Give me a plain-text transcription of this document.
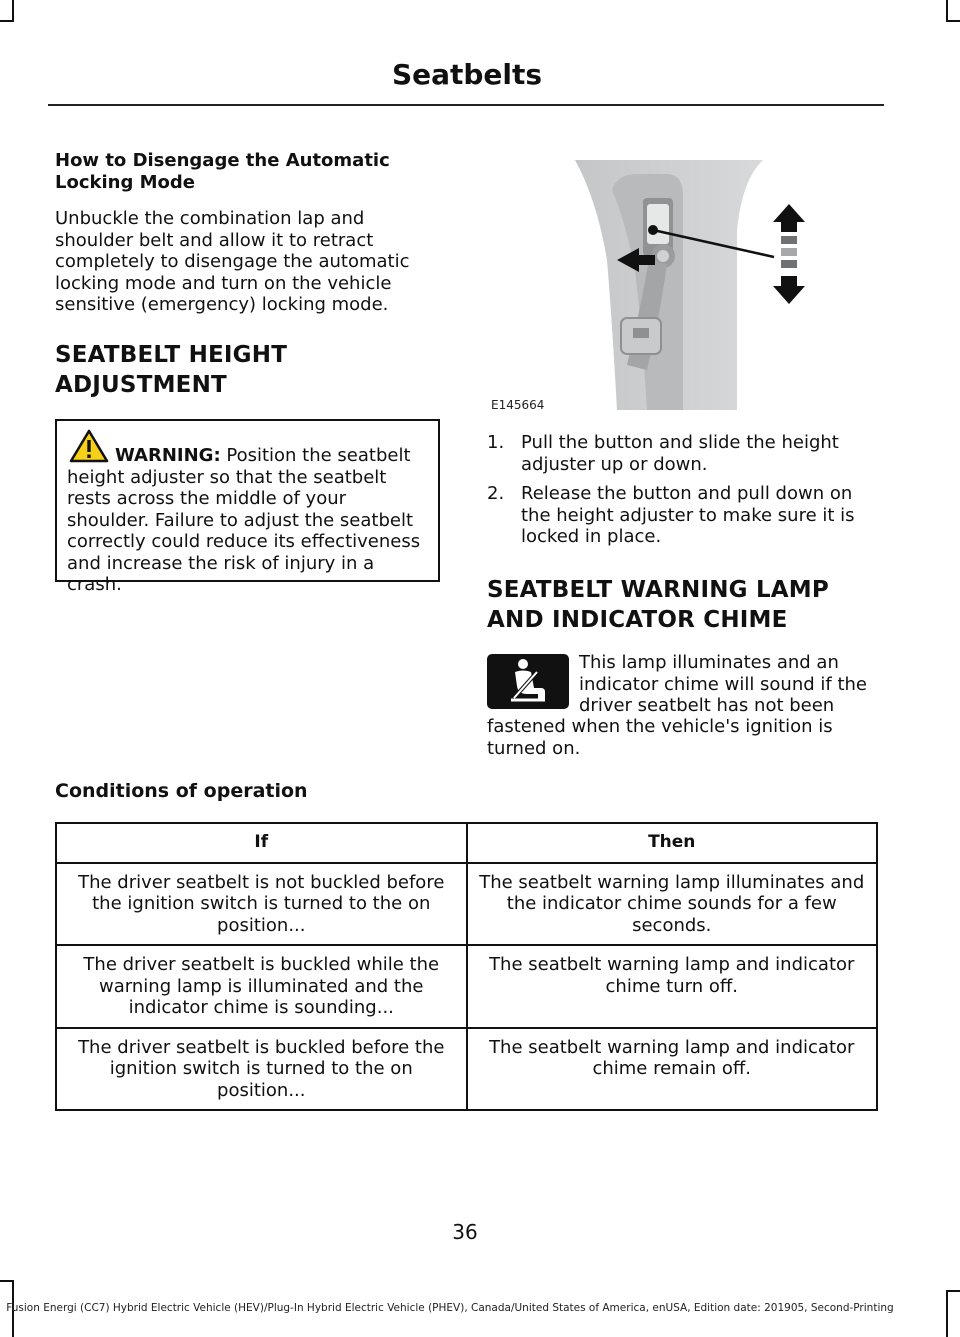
Seatbelts

How to Disengage the Automatic Locking Mode

Unbuckle the combination lap and shoulder belt and allow it to retract completely to disengage the automatic locking mode and turn on the vehicle sensitive (emergency) locking mode.

SEATBELT HEIGHT

ADJUSTMENT

WARNING: Position the seatbelt height adjuster so that the seatbelt rests across the middle of your shoulder. Failure to adjust the seatbelt correctly could reduce its effectiveness and increase the risk of injury in a crash.
E145664
1. Pull the button and slide the height adjuster up or down.
2. Release the button and pull down on the height adjuster to make sure it is locked in place.

SEATBELT WARNING LAMP

AND INDICATOR CHIME

This lamp illuminates and an
indicator chime will sound if the
driver seatbelt has not been
fastened when the vehicle's ignition is turned on.
Conditions of operation
If	Then
The driver seatbelt is not buckled before the ignition switch is turned to the on position...	The seatbelt warning lamp illuminates and the indicator chime sounds for a few seconds.
The driver seatbelt is buckled while the warning lamp is illuminated and the indicator chime is sounding...	The seatbelt warning lamp and indicator chime turn off.
The driver seatbelt is buckled before the ignition switch is turned to the on position...	The seatbelt warning lamp and indicator chime remain off.
36
Fusion Energi (CC7) Hybrid Electric Vehicle (HEV)/Plug-In Hybrid Electric Vehicle (PHEV), Canada/United States of America, enUSA, Edition date: 201905, Second-Printing
